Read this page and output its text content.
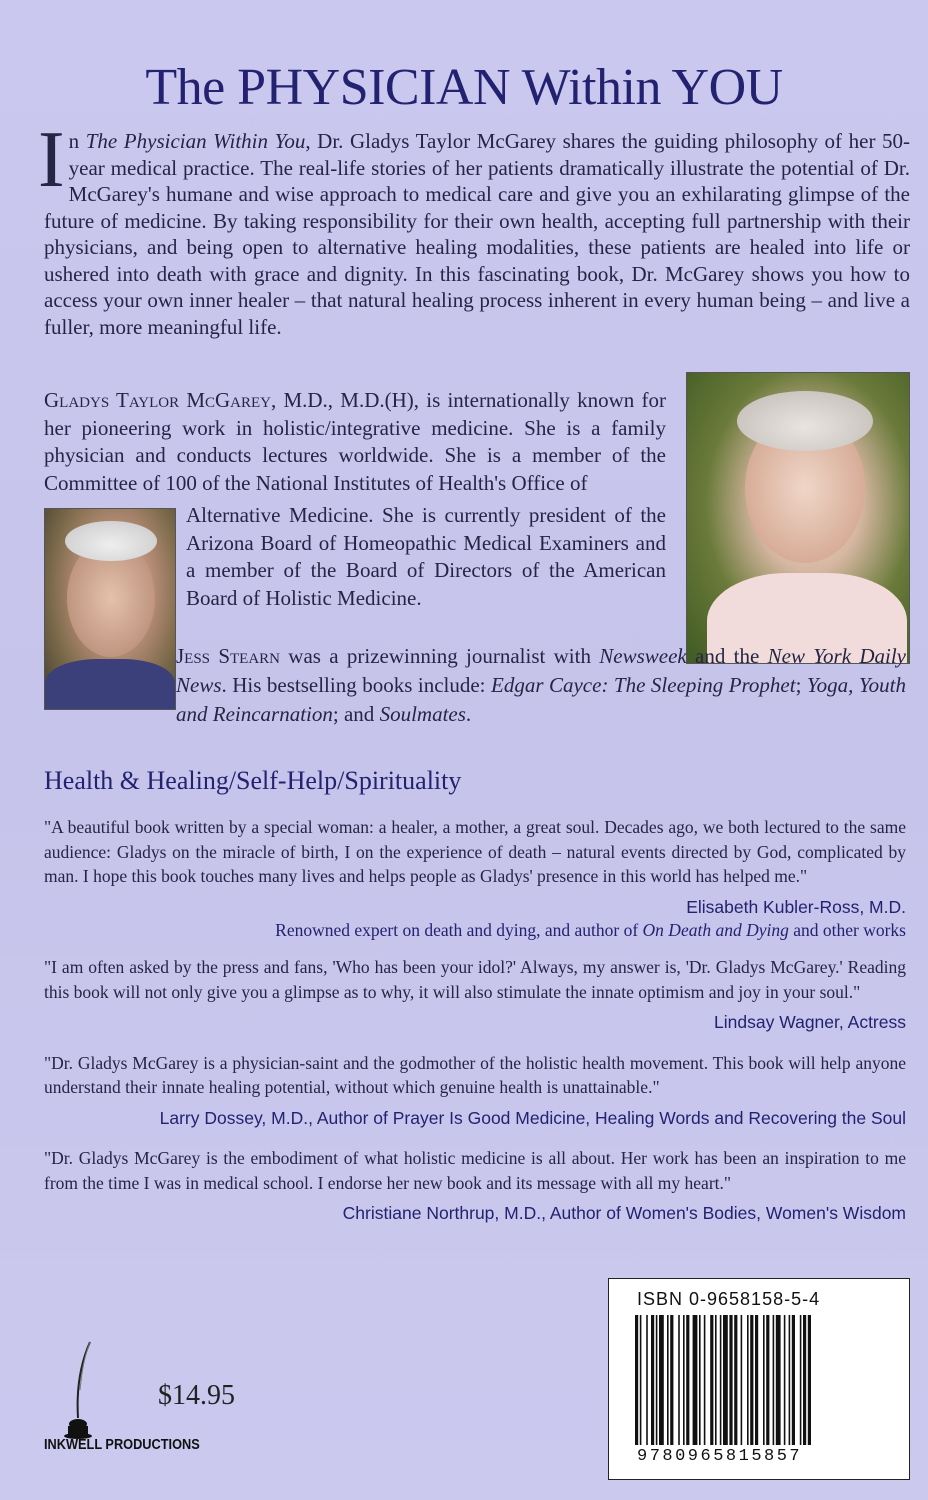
The PHYSICIAN Within YOU
In The Physician Within You, Dr. Gladys Taylor McGarey shares the guiding philosophy of her 50-year medical practice. The real-life stories of her patients dramatically illustrate the potential of Dr. McGarey's humane and wise approach to medical care and give you an exhilarating glimpse of the future of medicine. By taking responsibility for their own health, accepting full partnership with their physicians, and being open to alternative healing modalities, these patients are healed into life or ushered into death with grace and dignity. In this fascinating book, Dr. McGarey shows you how to access your own inner healer – that natural healing process inherent in every human being – and live a fuller, more meaningful life.
Gladys Taylor McGarey, M.D., M.D.(H), is internationally known for her pioneering work in holistic/integrative medicine. She is a family physician and conducts lectures worldwide. She is a member of the Committee of 100 of the National Institutes of Health's Office of
Alternative Medicine. She is currently president of the Arizona Board of Homeopathic Medical Examiners and a member of the Board of Directors of the American Board of Holistic Medicine.
Jess Stearn was a prizewinning journalist with Newsweek and the New York Daily News. His bestselling books include: Edgar Cayce: The Sleeping Prophet; Yoga, Youth and Reincarnation; and Soulmates.
Health & Healing/Self-Help/Spirituality
"A beautiful book written by a special woman: a healer, a mother, a great soul. Decades ago, we both lectured to the same audience: Gladys on the miracle of birth, I on the experience of death – natural events directed by God, complicated by man. I hope this book touches many lives and helps people as Gladys' presence in this world has helped me."
Elisabeth Kubler-Ross, M.D.
Renowned expert on death and dying, and author of On Death and Dying and other works
"I am often asked by the press and fans, 'Who has been your idol?' Always, my answer is, 'Dr. Gladys McGarey.' Reading this book will not only give you a glimpse as to why, it will also stimulate the innate optimism and joy in your soul."
Lindsay Wagner, Actress
"Dr. Gladys McGarey is a physician-saint and the godmother of the holistic health movement. This book will help anyone understand their innate healing potential, without which genuine health is unattainable."
Larry Dossey, M.D., Author of Prayer Is Good Medicine, Healing Words and Recovering the Soul
"Dr. Gladys McGarey is the embodiment of what holistic medicine is all about. Her work has been an inspiration to me from the time I was in medical school. I endorse her new book and its message with all my heart."
Christiane Northrup, M.D., Author of Women's Bodies, Women's Wisdom
$14.95
INKWELL PRODUCTIONS
ISBN 0-9658158-5-4
9780965815857
